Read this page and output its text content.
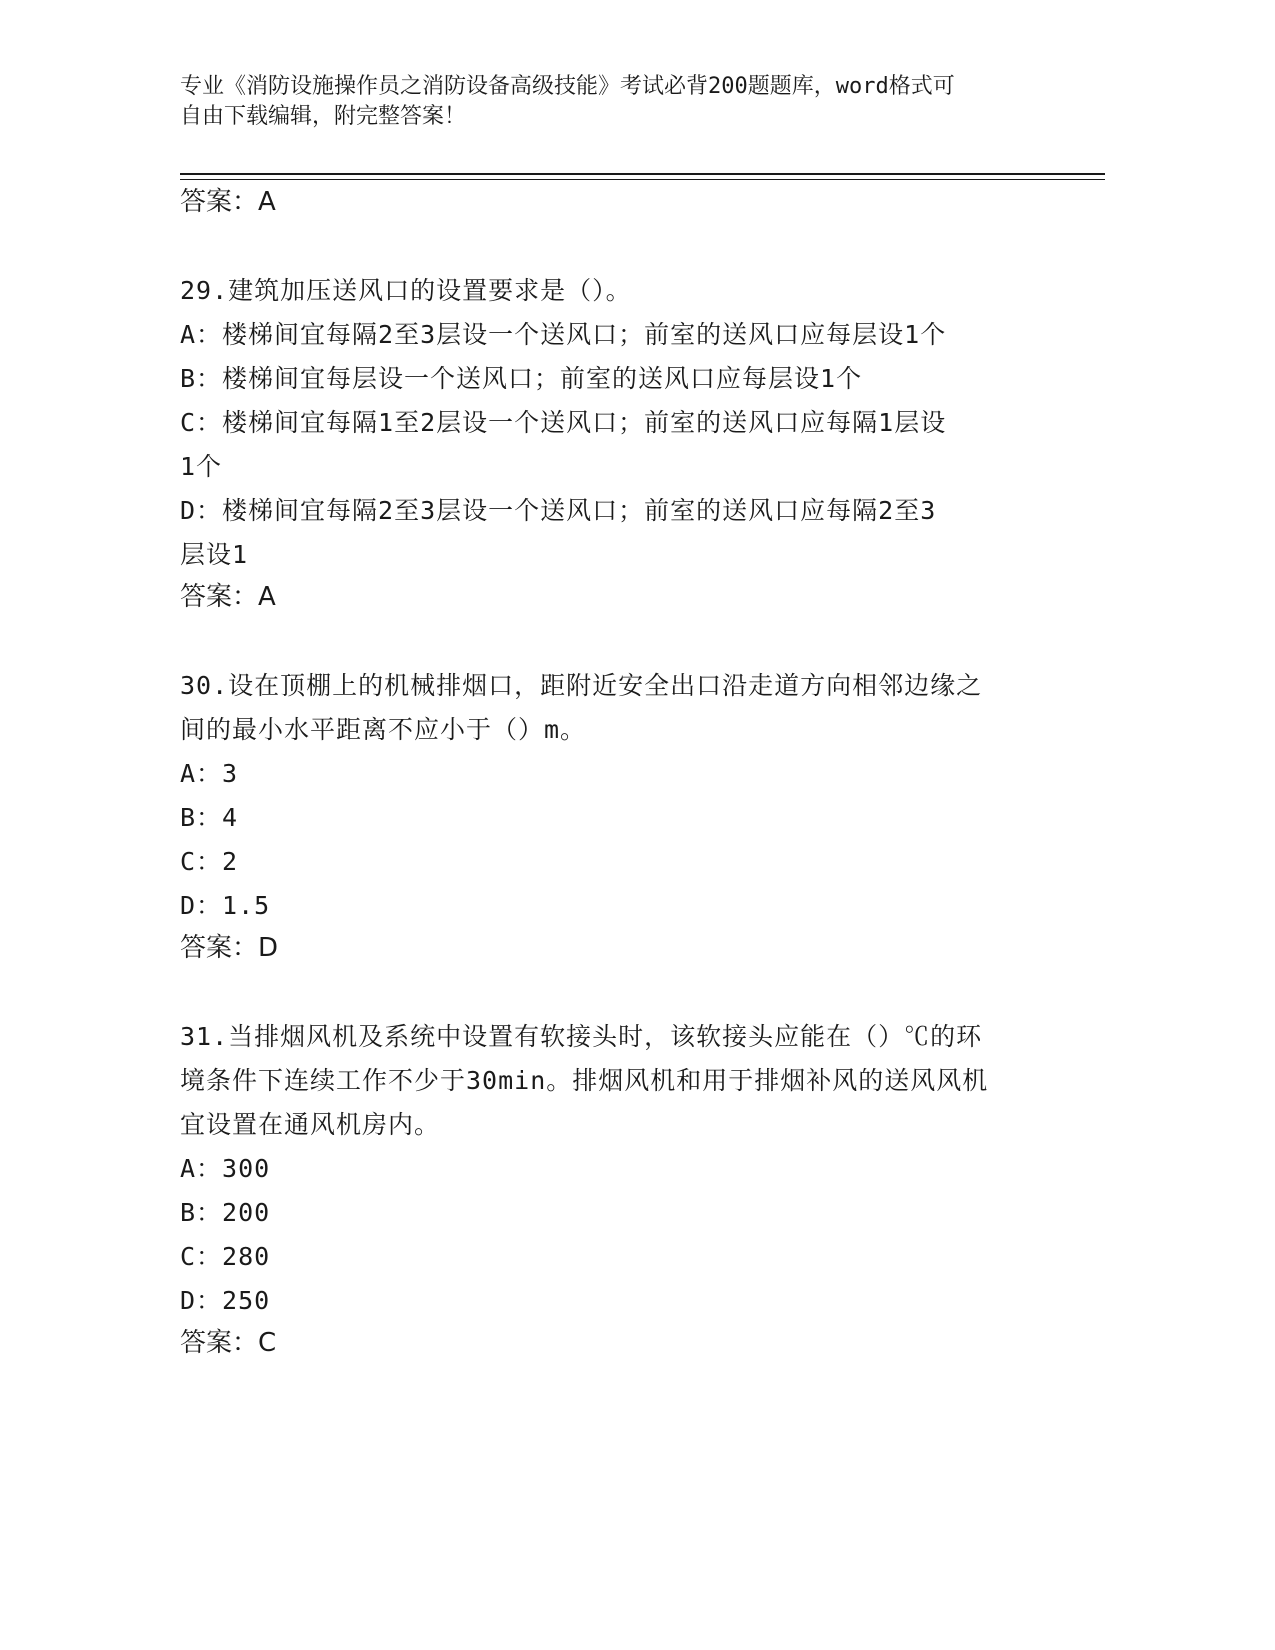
专业《消防设施操作员之消防设备高级技能》考试必背200题题库，word格式可
自由下载编辑，附完整答案！
答案：A
29.建筑加压送风口的设置要求是（）。
A：楼梯间宜每隔2至3层设一个送风口；前室的送风口应每层设1个
B：楼梯间宜每层设一个送风口；前室的送风口应每层设1个
C：楼梯间宜每隔1至2层设一个送风口；前室的送风口应每隔1层设
1个
D：楼梯间宜每隔2至3层设一个送风口；前室的送风口应每隔2至3
层设1
答案：A
30.设在顶棚上的机械排烟口，距附近安全出口沿走道方向相邻边缘之
间的最小水平距离不应小于（）m。
A：3
B：4
C：2
D：1.5
答案：D
31.当排烟风机及系统中设置有软接头时，该软接头应能在（）℃的环
境条件下连续工作不少于30min。排烟风机和用于排烟补风的送风风机
宜设置在通风机房内。
A：300
B：200
C：280
D：250
答案：C
